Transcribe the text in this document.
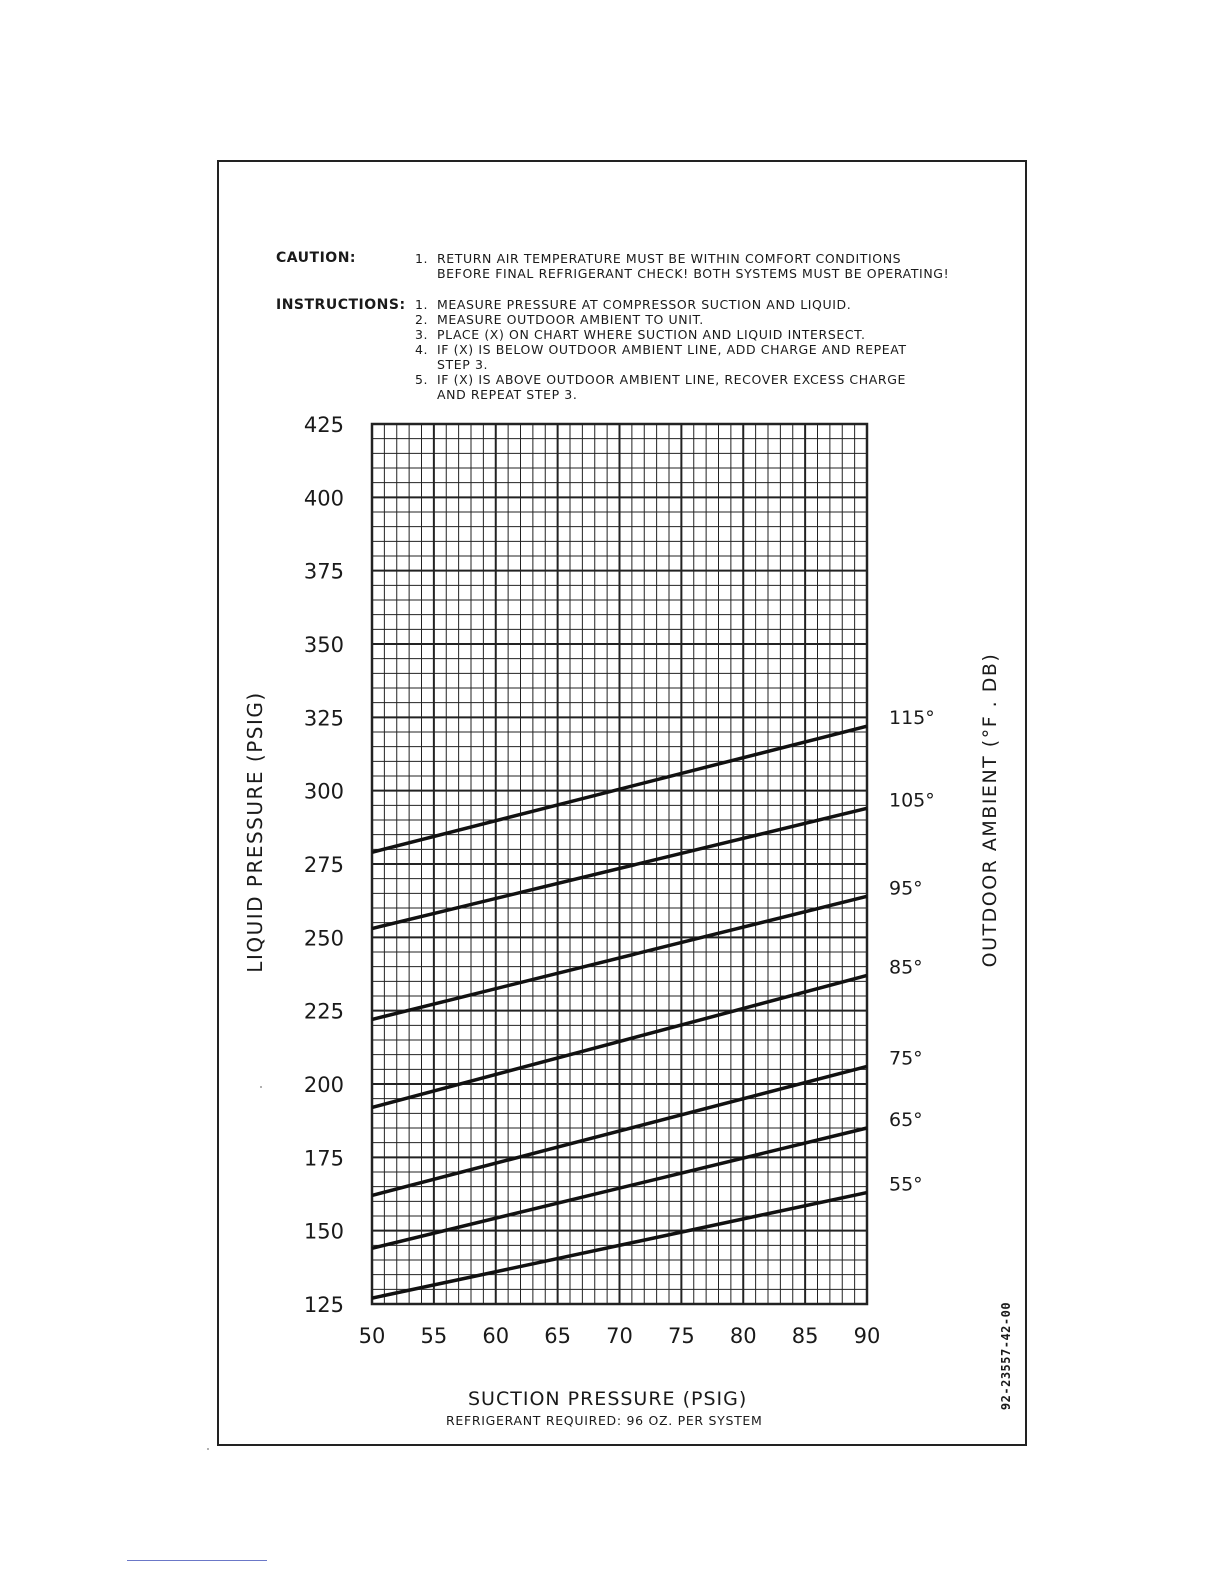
CAUTION:	1. RETURN AIR TEMPERATURE MUST BE WITHIN COMFORT CONDITIONS
BEFORE FINAL REFRIGERANT CHECK! BOTH SYSTEMS MUST BE OPERATING!
INSTRUCTIONS: 1. MEASURE PRESSURE AT COMPRESSOR SUCTION AND LIQUID.
2. MEASURE OUTDOOR AMBIENT TO UNIT.
3. PLACE (X) ON CHART WHERE SUCTION AND LIQUID INTERSECT.
4. IF (X) IS BELOW OUTDOOR AMBIENT LINE, ADD CHARGE AND REPEAT
STEP 3.
5. IF (X) IS ABOVE OUTDOOR AMBIENT LINE, RECOVER EXCESS CHARGE
AND REPEAT STEP 3.
55°
65°
75°
85°
95°
105°
115°
125
150
175
200
225
250
275
300
325
350
375
400
425
50 55 60 65 70 75 80 85 90
LIQUID PRESSURE (PSIG)	OUTDOOR AMBIENT (°F . DB)
92-23557-42-00
SUCTION PRESSURE (PSIG)
REFRIGERANT REQUIRED: 96 OZ. PER SYSTEM
